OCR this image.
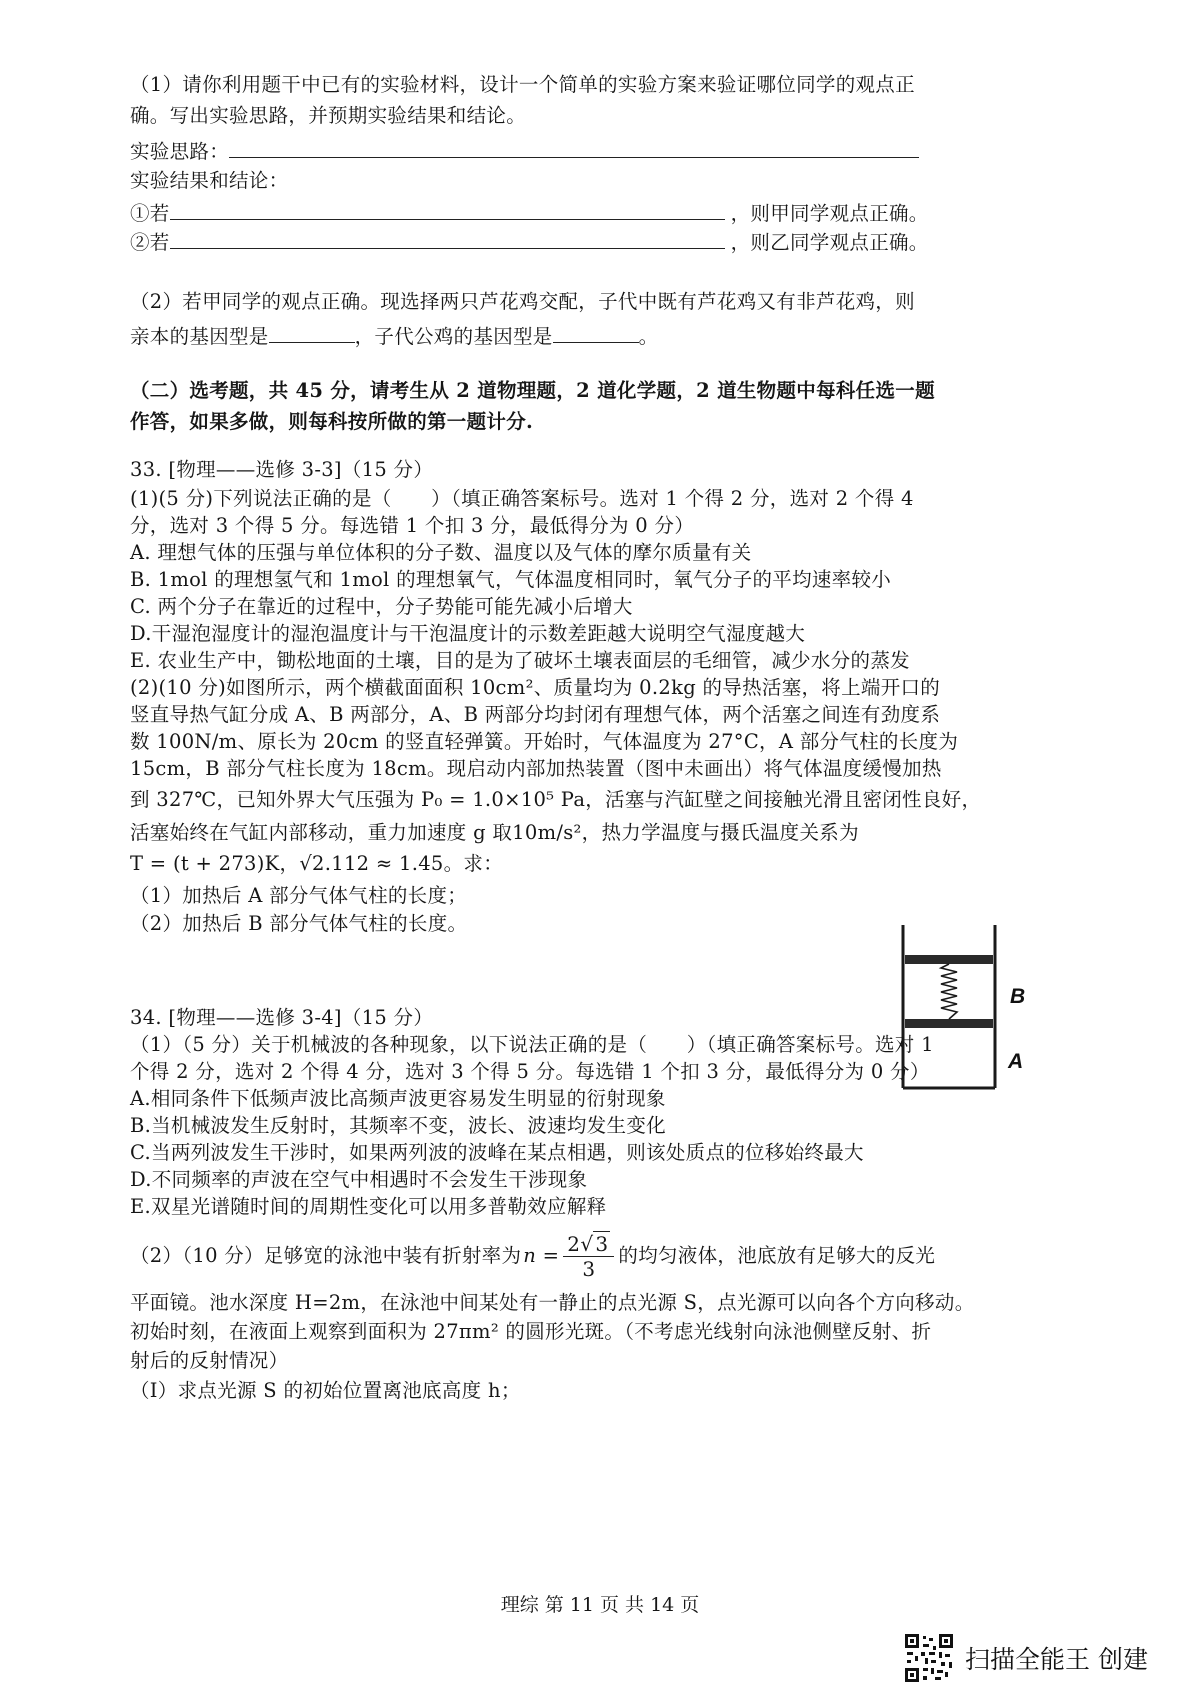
（1）请你利用题干中已有的实验材料，设计一个简单的实验方案来验证哪位同学的观点正
确。写出实验思路，并预期实验结果和结论。
实验思路：
实验结果和结论：
①若	，则甲同学观点正确。
②若	，则乙同学观点正确。
（2）若甲同学的观点正确。现选择两只芦花鸡交配，子代中既有芦花鸡又有非芦花鸡，则
亲本的基因型是	，子代公鸡的基因型是	。
（二）选考题，共 45 分，请考生从 2 道物理题，2 道化学题，2 道生物题中每科任选一题
作答，如果多做，则每科按所做的第一题计分.
33. [物理——选修 3-3]（15 分）
(1)(5 分)下列说法正确的是（　　）（填正确答案标号。选对 1 个得 2 分，选对 2 个得 4
分，选对 3 个得 5 分。每选错 1 个扣 3 分，最低得分为 0 分）
A. 理想气体的压强与单位体积的分子数、温度以及气体的摩尔质量有关
B. 1mol 的理想氢气和 1mol 的理想氧气，气体温度相同时，氧气分子的平均速率较小
C. 两个分子在靠近的过程中，分子势能可能先减小后增大
D.干湿泡湿度计的湿泡温度计与干泡温度计的示数差距越大说明空气湿度越大
E. 农业生产中，锄松地面的土壤，目的是为了破坏土壤表面层的毛细管，减少水分的蒸发
(2)(10 分)如图所示，两个横截面面积 10cm²、质量均为 0.2kg 的导热活塞，将上端开口的
竖直导热气缸分成 A、B 两部分，A、B 两部分均封闭有理想气体，两个活塞之间连有劲度系
数 100N/m、原长为 20cm 的竖直轻弹簧。开始时，气体温度为 27°C，A 部分气柱的长度为
15cm，B 部分气柱长度为 18cm。现启动内部加热装置（图中未画出）将气体温度缓慢加热
到 327℃，已知外界大气压强为 P₀ = 1.0×10⁵ Pa，活塞与汽缸壁之间接触光滑且密闭性良好，
活塞始终在气缸内部移动，重力加速度 g 取10m/s²，热力学温度与摄氏温度关系为
T = (t + 273)K，√2.112 ≈ 1.45。求：
（1）加热后 A 部分气体气柱的长度；
（2）加热后 B 部分气体气柱的长度。
B
A
34. [物理——选修 3-4]（15 分）
（1）（5 分）关于机械波的各种现象，以下说法正确的是（　　）（填正确答案标号。选对 1
个得 2 分，选对 2 个得 4 分，选对 3 个得 5 分。每选错 1 个扣 3 分，最低得分为 0 分）
A.相同条件下低频声波比高频声波更容易发生明显的衍射现象
B.当机械波发生反射时，其频率不变，波长、波速均发生变化
C.当两列波发生干涉时，如果两列波的波峰在某点相遇，则该处质点的位移始终最大
D.不同频率的声波在空气中相遇时不会发生干涉现象
E.双星光谱随时间的周期性变化可以用多普勒效应解释
（2）（10 分）足够宽的泳池中装有折射率为 $n = \frac{2√ 3}{3}$ 的均匀液体，池底放有足够大的反光
平面镜。池水深度 H=2m，在泳池中间某处有一静止的点光源 S，点光源可以向各个方向移动。
初始时刻，在液面上观察到面积为 27πm² 的圆形光斑。（不考虑光线射向泳池侧壁反射、折
射后的反射情况）
（Ⅰ）求点光源 S 的初始位置离池底高度 h；
理综 第 11 页 共 14 页
扫描全能王 创建
